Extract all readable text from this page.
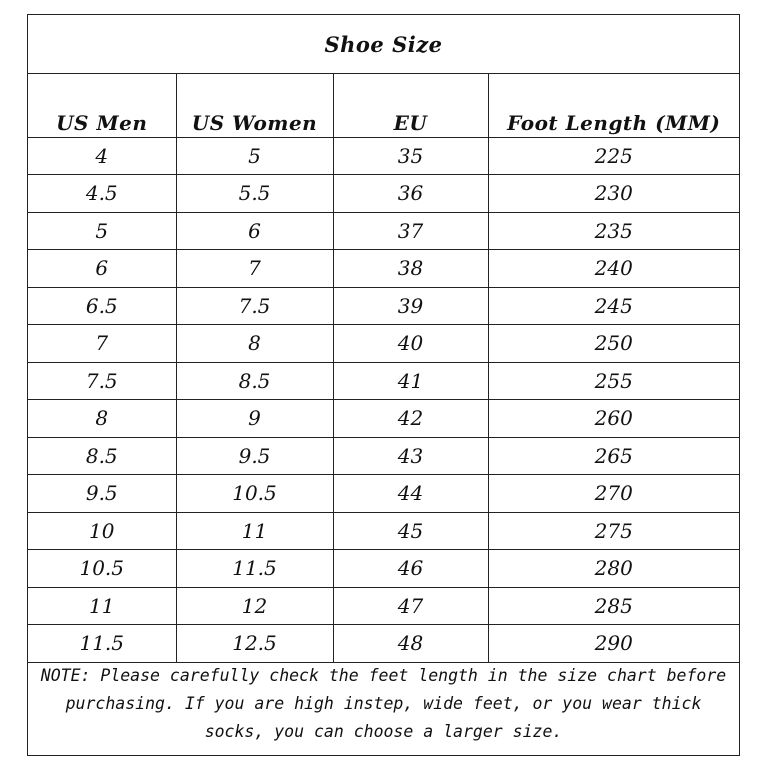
Shoe Size
US Men	US Women	EU	Foot Length (MM)
4	5	35	225
4.5	5.5	36	230
5	6	37	235
6	7	38	240
6.5	7.5	39	245
7	8	40	250
7.5	8.5	41	255
8	9	42	260
8.5	9.5	43	265
9.5	10.5	44	270
10	11	45	275
10.5	11.5	46	280
11	12	47	285
11.5	12.5	48	290
NOTE: Please carefully check the feet length in the size chart before purchasing. If you are high instep, wide feet, or you wear thick socks, you can choose a larger size.
